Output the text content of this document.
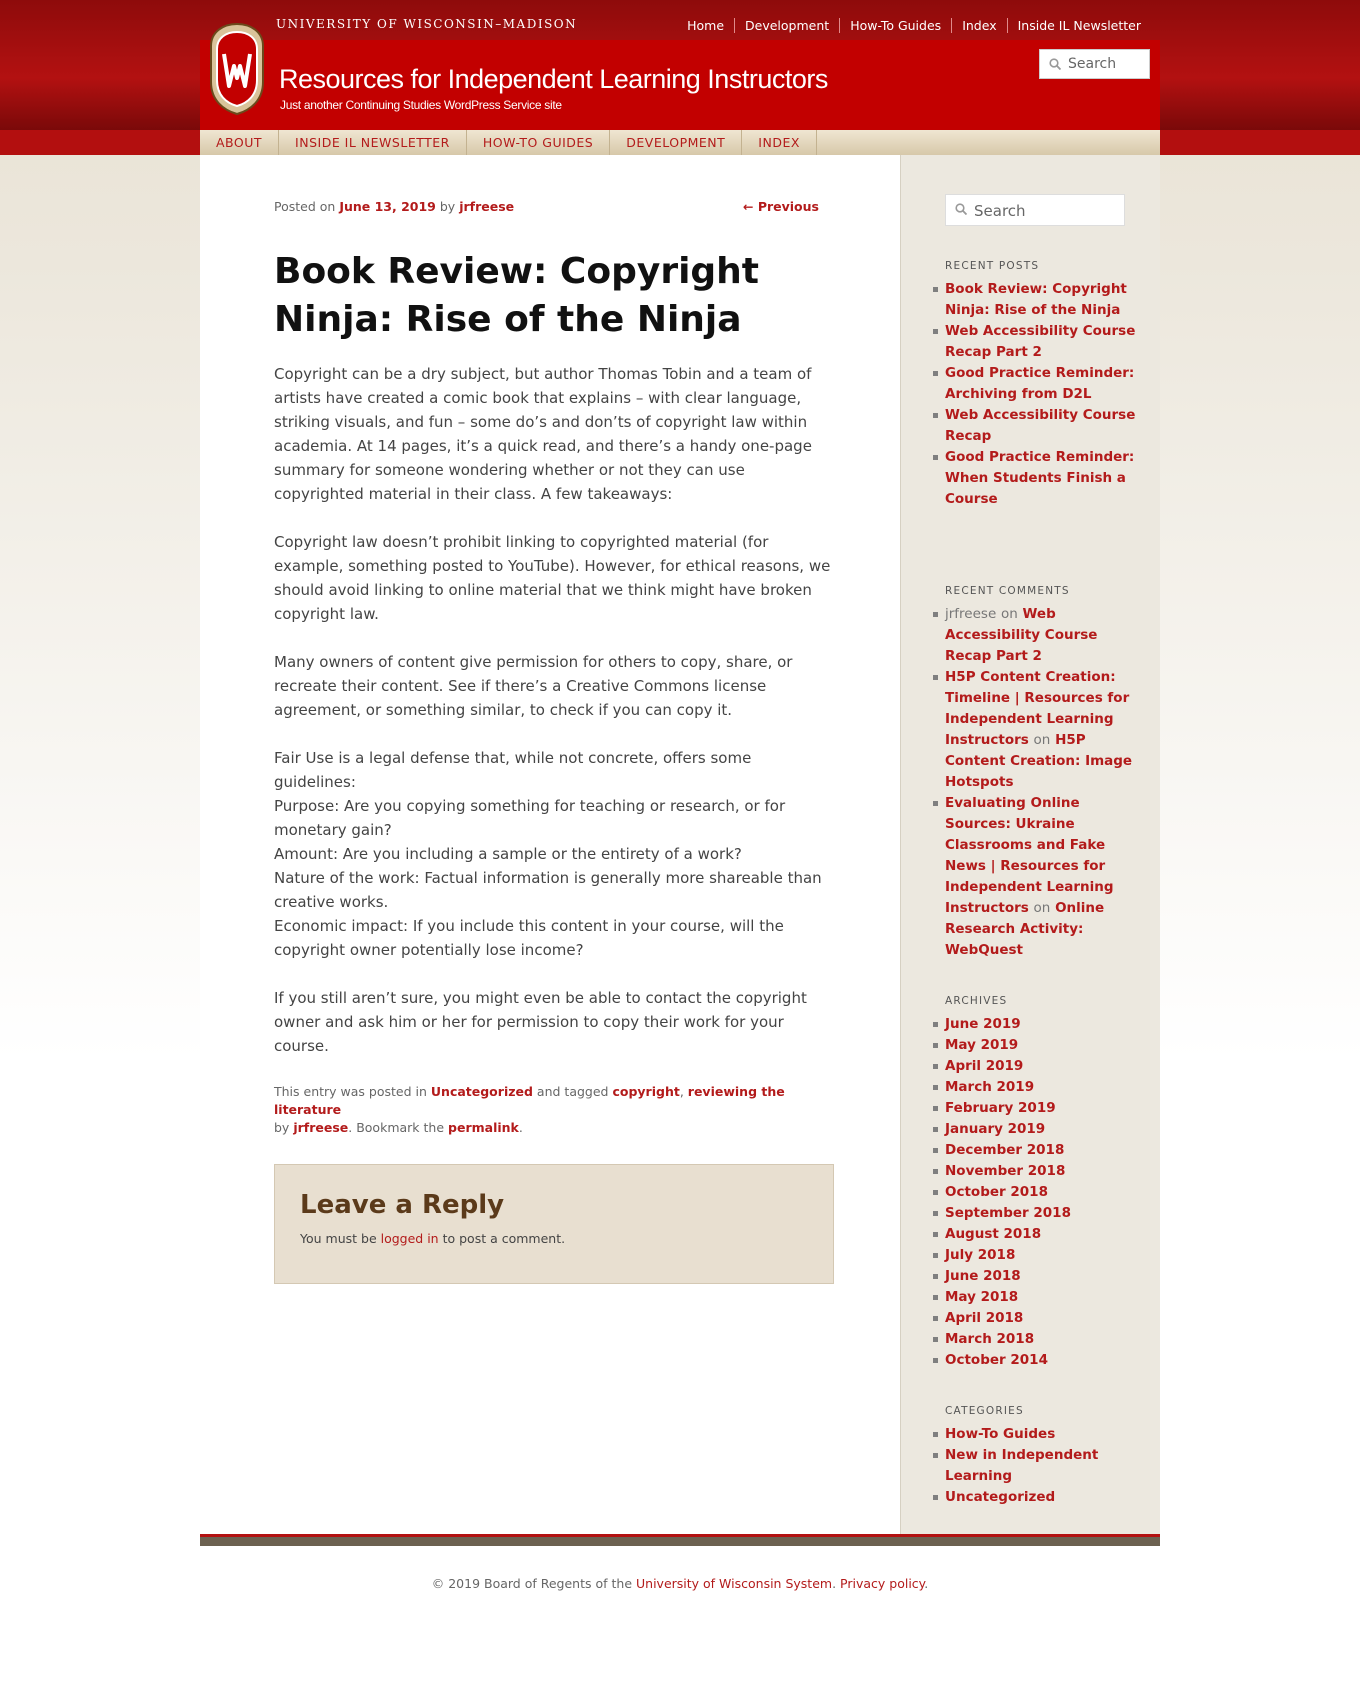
UNIVERSITY OF WISCONSIN–MADISON	Home	Development	How-To Guides	Index	Inside IL Newsletter
Resources for Independent Learning Instructors
Just another Continuing Studies WordPress Service site
Search
ABOUT	INSIDE IL NEWSLETTER	HOW-TO GUIDES	DEVELOPMENT	INDEX
Posted on June 13, 2019 by jrfreese	← Previous
Book Review: Copyright Ninja: Rise of the Ninja

Copyright can be a dry subject, but author Thomas Tobin and a team of artists have created a comic book that explains – with clear language, striking visuals, and fun – some do’s and don’ts of copyright law within academia. At 14 pages, it’s a quick read, and there’s a handy one-page summary for someone wondering whether or not they can use copyrighted material in their class. A few takeaways:

Copyright law doesn’t prohibit linking to copyrighted material (for example, something posted to YouTube). However, for ethical reasons, we should avoid linking to online material that we think might have broken copyright law.

Many owners of content give permission for others to copy, share, or recreate their content. See if there’s a Creative Commons license agreement, or something similar, to check if you can copy it.

Fair Use is a legal defense that, while not concrete, offers some guidelines:
Purpose: Are you copying something for teaching or research, or for monetary gain?
Amount: Are you including a sample or the entirety of a work?
Nature of the work: Factual information is generally more shareable than creative works.
Economic impact: If you include this content in your course, will the copyright owner potentially lose income?

If you still aren’t sure, you might even be able to contact the copyright owner and ask him or her for permission to copy their work for your course.

This entry was posted in Uncategorized and tagged copyright, reviewing the literature
by jrfreese. Bookmark the permalink.
Leave a Reply
You must be logged in to post a comment.
Search
RECENT POSTS
Book Review: Copyright Ninja: Rise of the Ninja
Web Accessibility Course Recap Part 2
Good Practice Reminder: Archiving from D2L
Web Accessibility Course Recap
Good Practice Reminder: When Students Finish a Course
RECENT COMMENTS
jrfreese on Web Accessibility Course Recap Part 2
H5P Content Creation: Timeline | Resources for Independent Learning Instructors on H5P Content Creation: Image Hotspots
Evaluating Online Sources: Ukraine Classrooms and Fake News | Resources for Independent Learning Instructors on Online Research Activity: WebQuest
ARCHIVES
June 2019
May 2019
April 2019
March 2019
February 2019
January 2019
December 2018
November 2018
October 2018
September 2018
August 2018
July 2018
June 2018
May 2018
April 2018
March 2018
October 2014
CATEGORIES
How-To Guides
New in Independent Learning
Uncategorized
© 2019 Board of Regents of the University of Wisconsin System. Privacy policy.
